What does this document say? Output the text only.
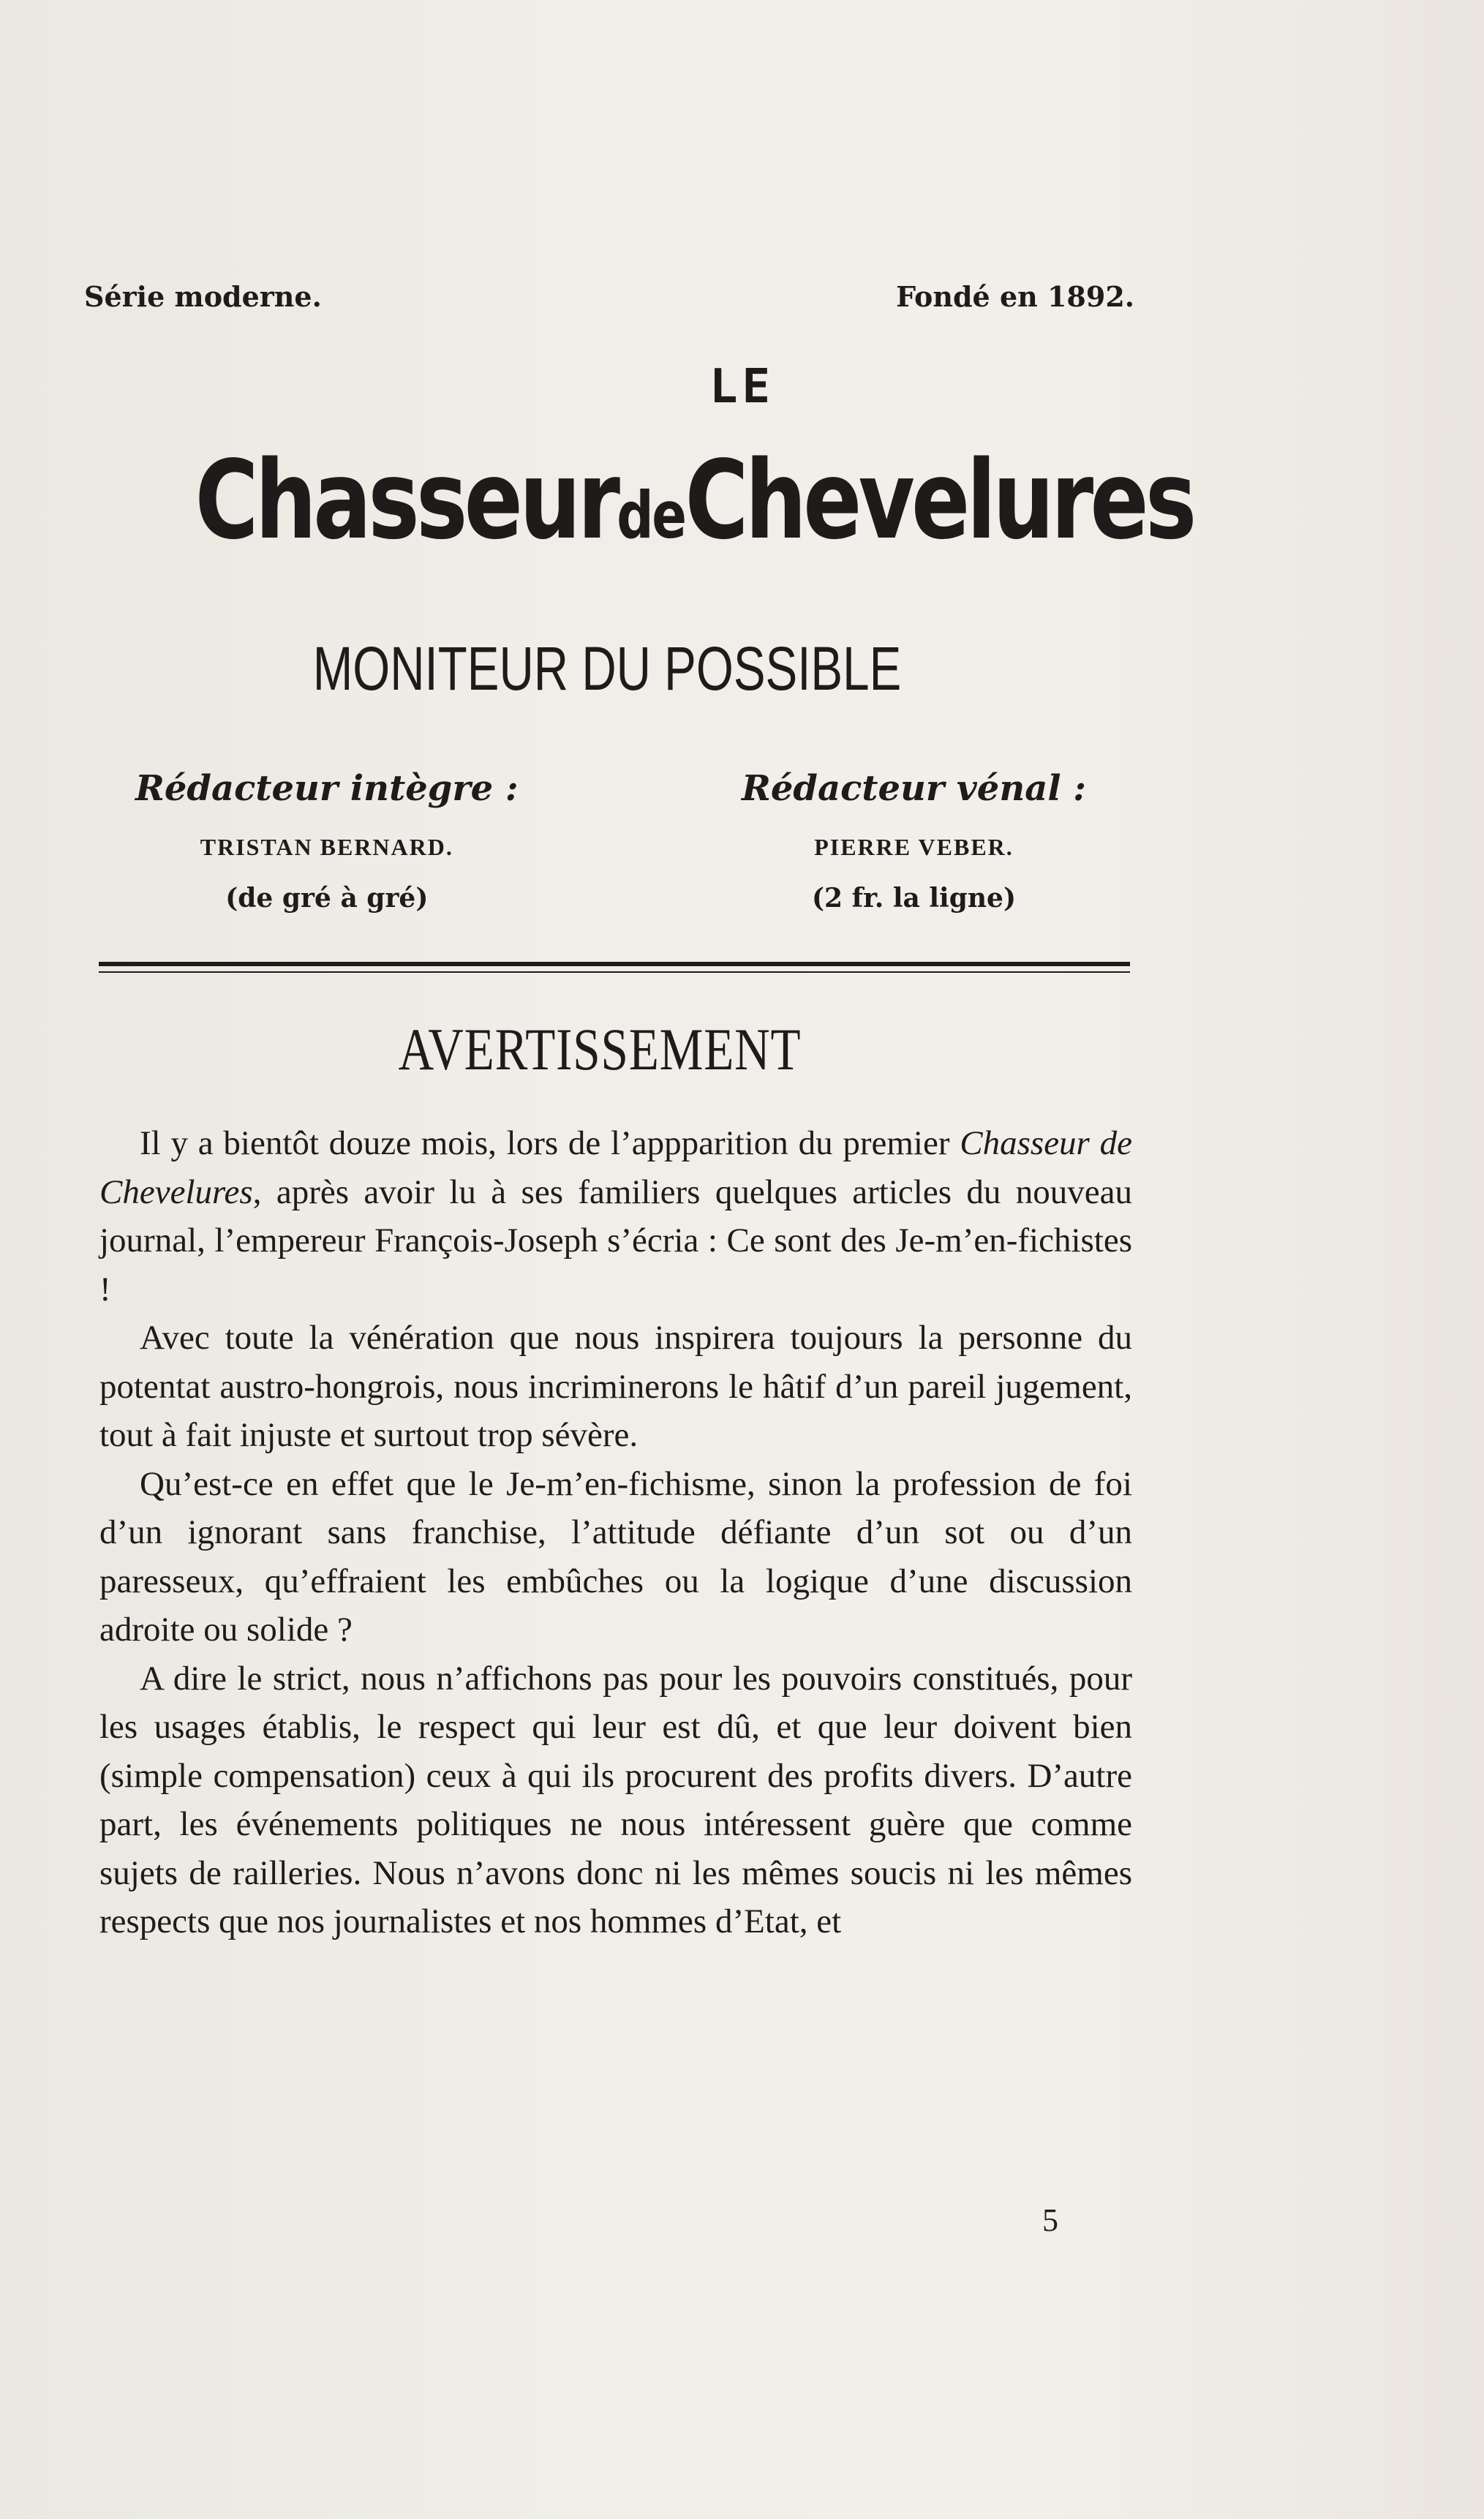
Série moderne.	Fondé en 1892.
LE
ChasseurdeChevelures
MONITEUR DU POSSIBLE
Rédacteur intègre :
TRISTAN BERNARD.
(de gré à gré)
Rédacteur vénal :
PIERRE VEBER.
(2 fr. la ligne)
AVERTISSEMENT

Il y a bientôt douze mois, lors de l’appparition du premier Chasseur de Chevelures, après avoir lu à ses familiers quelques articles du nouveau journal, l’empereur François-Joseph s’écria : Ce sont des Je-m’en-fichistes !

Avec toute la vénération que nous inspirera toujours la personne du potentat austro-hongrois, nous incriminerons le hâtif d’un pareil jugement, tout à fait injuste et surtout trop sévère.

Qu’est-ce en effet que le Je-m’en-fichisme, sinon la profession de foi d’un ignorant sans franchise, l’attitude défiante d’un sot ou d’un paresseux, qu’effraient les embûches ou la logique d’une discussion adroite ou solide ?

A dire le strict, nous n’affichons pas pour les pouvoirs constitués, pour les usages établis, le respect qui leur est dû, et que leur doivent bien (simple compensation) ceux à qui ils procurent des profits divers. D’autre part, les événements politiques ne nous intéressent guère que comme sujets de railleries. Nous n’avons donc ni les mêmes soucis ni les mêmes respects que nos journalistes et nos hommes d’Etat, et

5
